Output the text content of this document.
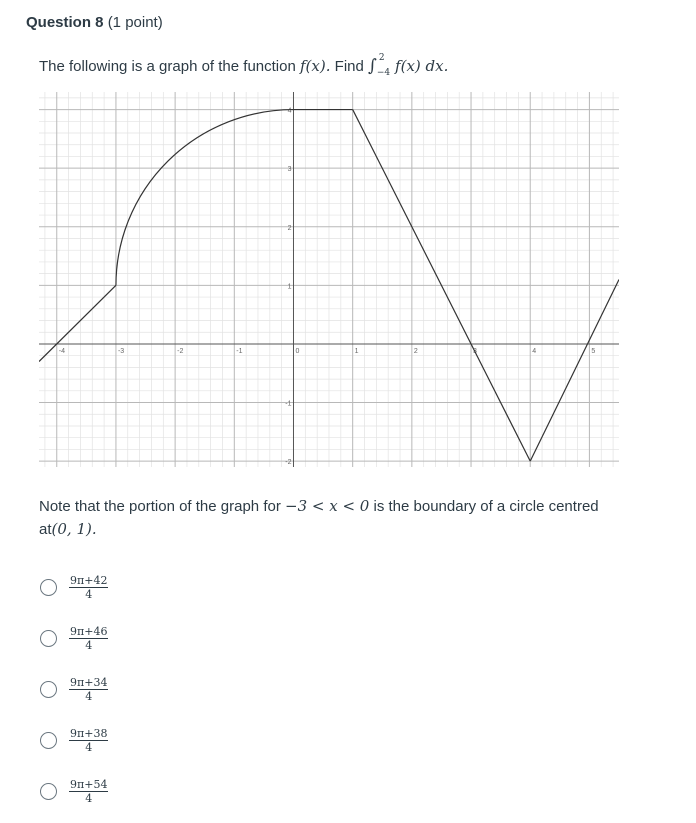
Question 8 (1 point)
The following is a graph of the function f(x). Find ∫ 2
−4 f(x) dx.
-4	-3	-2	-1	0	1	2	3	4	5
-2
-1
1
2
3
4
Note that the portion of the graph for −3 < x < 0 is the boundary of a circle centred at(0, 1).
$\frac{9\pi+42}{4}$
$\frac{9\pi+46}{4}$
$\frac{9\pi+34}{4}$
$\frac{9\pi+38}{4}$
$\frac{9\pi+54}{4}$
